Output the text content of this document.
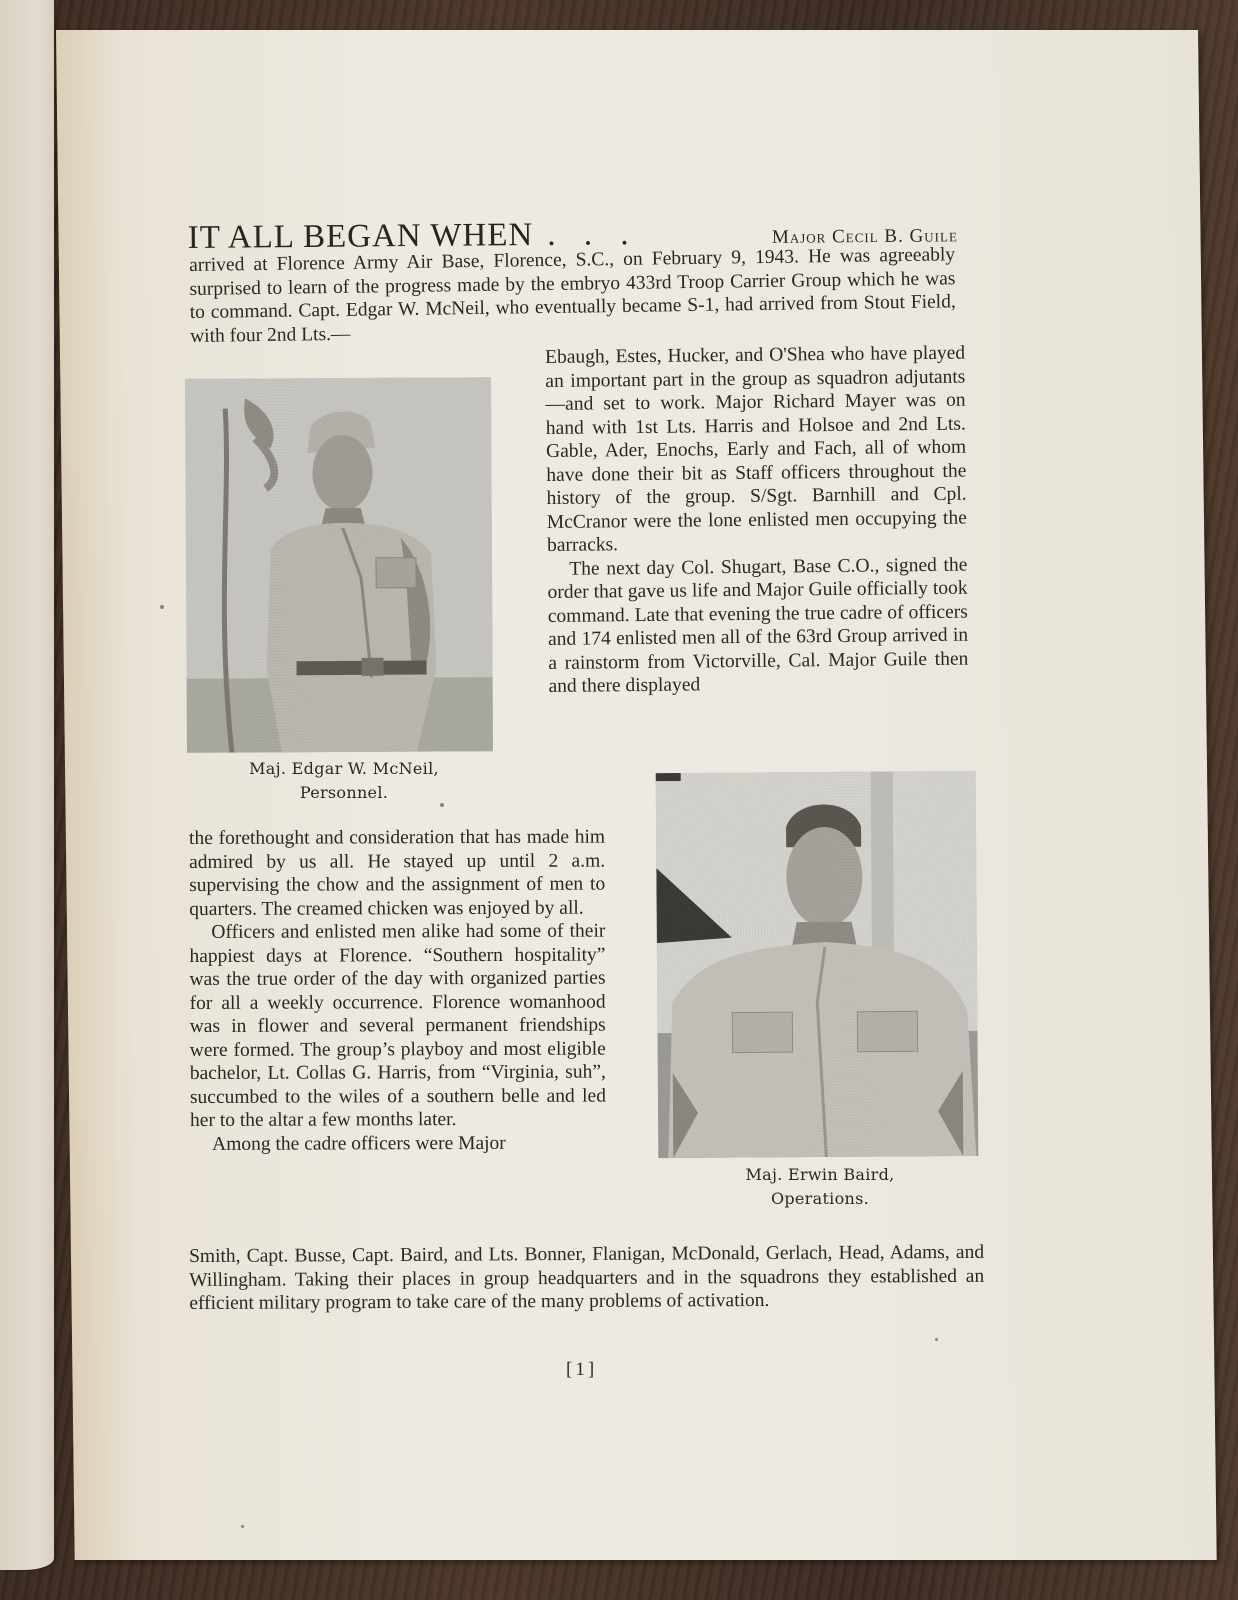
IT ALL BEGAN WHEN . . .	Major Cecil B. Guile

arrived at Florence Army Air Base, Florence, S.C., on February 9, 1943. He was agreeably surprised to learn of the progress made by the embryo 433rd Troop Carrier Group which he was to command. Capt. Edgar W. McNeil, who eventually became S-1, had arrived from Stout Field, with four 2nd Lts.—

Ebaugh, Estes, Hucker, and O'Shea who have played an important part in the group as squadron adjutants—and set to work. Major Richard Mayer was on hand with 1st Lts. Harris and Holsoe and 2nd Lts. Gable, Ader, Enochs, Early and Fach, all of whom have done their bit as Staff officers throughout the history of the group. S/Sgt. Barnhill and Cpl. McCranor were the lone enlisted men occupying the barracks.

The next day Col. Shugart, Base C.O., signed the order that gave us life and Major Guile officially took command. Late that evening the true cadre of officers and 174 enlisted men all of the 63rd Group arrived in a rainstorm from Victorville, Cal. Major Guile then and there displayed

Maj. Edgar W. McNeil,
Personnel.

the forethought and consideration that has made him admired by us all. He stayed up until 2 a.m. supervising the chow and the assignment of men to quarters. The creamed chicken was enjoyed by all.

Officers and enlisted men alike had some of their happiest days at Florence. “Southern hospitality” was the true order of the day with organized parties for all a weekly occurrence. Florence womanhood was in flower and several permanent friendships were formed. The group’s playboy and most eligible bachelor, Lt. Collas G. Harris, from “Virginia, suh”, succumbed to the wiles of a southern belle and led her to the altar a few months later.

Among the cadre officers were Major

Maj. Erwin Baird,
Operations.

Smith, Capt. Busse, Capt. Baird, and Lts. Bonner, Flanigan, McDonald, Gerlach, Head, Adams, and Willingham. Taking their places in group headquarters and in the squadrons they established an efficient military program to take care of the many problems of activation.

[1]
